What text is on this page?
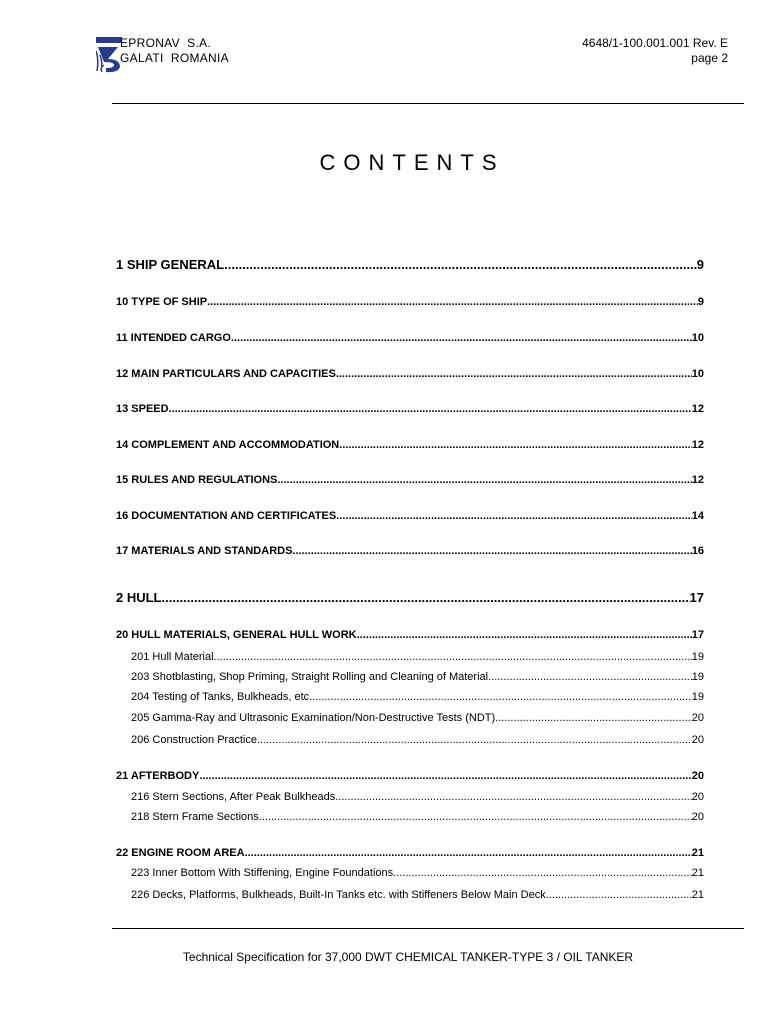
EPRONAV  S.A.
GALATI  ROMANIA
4648/1-100.001.001 Rev. E
page 2
CONTENTS
1 SHIP GENERAL .....	9
10 TYPE OF SHIP .....	9
11 INTENDED CARGO .....	10
12 MAIN PARTICULARS AND CAPACITIES .....	10
13 SPEED .....	12
14 COMPLEMENT AND ACCOMMODATION .....	12
15 RULES AND REGULATIONS .....	12
16 DOCUMENTATION AND CERTIFICATES .....	14
17 MATERIALS AND STANDARDS .....	16
2 HULL .....	17
20 HULL MATERIALS, GENERAL HULL WORK .....	17
201 Hull Material .....	19
203 Shotblasting, Shop Priming, Straight Rolling and Cleaning of Material .....	19
204 Testing of Tanks, Bulkheads, etc .....	19
205 Gamma-Ray and Ultrasonic Examination/Non-Destructive Tests (NDT) .....	20
206 Construction Practice .....	20
21 AFTERBODY .....	20
216 Stern Sections, After Peak Bulkheads .....	20
218 Stern Frame Sections .....	20
22 ENGINE ROOM AREA .....	21
223 Inner Bottom With Stiffening, Engine Foundations .....	21
226 Decks, Platforms, Bulkheads, Built-In Tanks etc. with Stiffeners Below Main Deck .....	21
Technical Specification for 37,000 DWT CHEMICAL TANKER-TYPE 3 / OIL TANKER
